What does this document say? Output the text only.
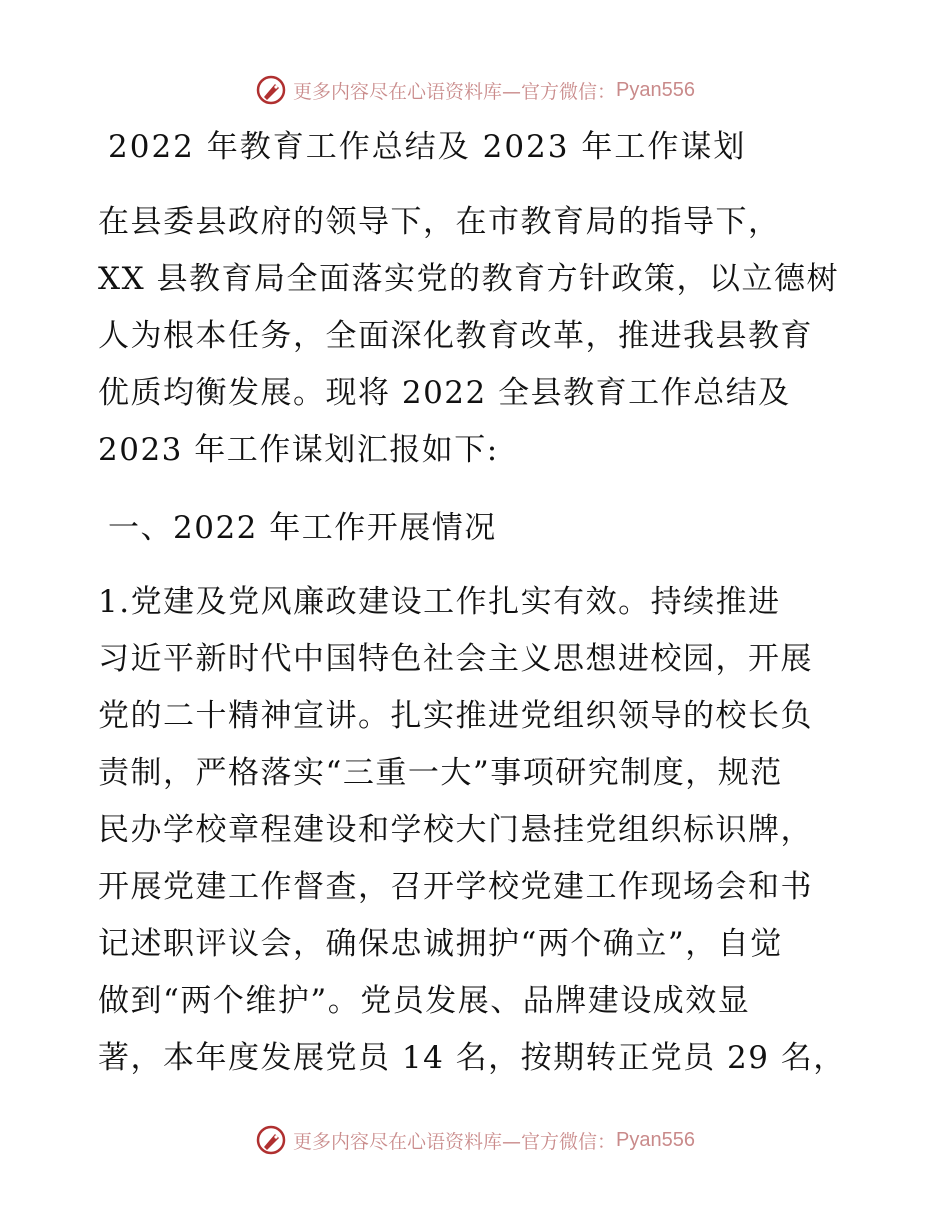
更多内容尽在心语资料库—官方微信： Pyan556
2022 年教育工作总结及 2023 年工作谋划

在县委县政府的领导下，在市教育局的指导下，
XX 县教育局全面落实党的教育方针政策，以立德树
人为根本任务，全面深化教育改革，推进我县教育
优质均衡发展。现将 2022 全县教育工作总结及
2023 年工作谋划汇报如下:

一、2022 年工作开展情况

1.党建及党风廉政建设工作扎实有效。持续推进
习近平新时代中国特色社会主义思想进校园，开展
党的二十精神宣讲。扎实推进党组织领导的校长负
责制，严格落实“三重一大”事项研究制度，规范
民办学校章程建设和学校大门悬挂党组织标识牌，
开展党建工作督查，召开学校党建工作现场会和书
记述职评议会，确保忠诚拥护“两个确立”，自觉
做到“两个维护”。党员发展、品牌建设成效显
著，本年度发展党员 14 名，按期转正党员 29 名，

更多内容尽在心语资料库—官方微信： Pyan556
